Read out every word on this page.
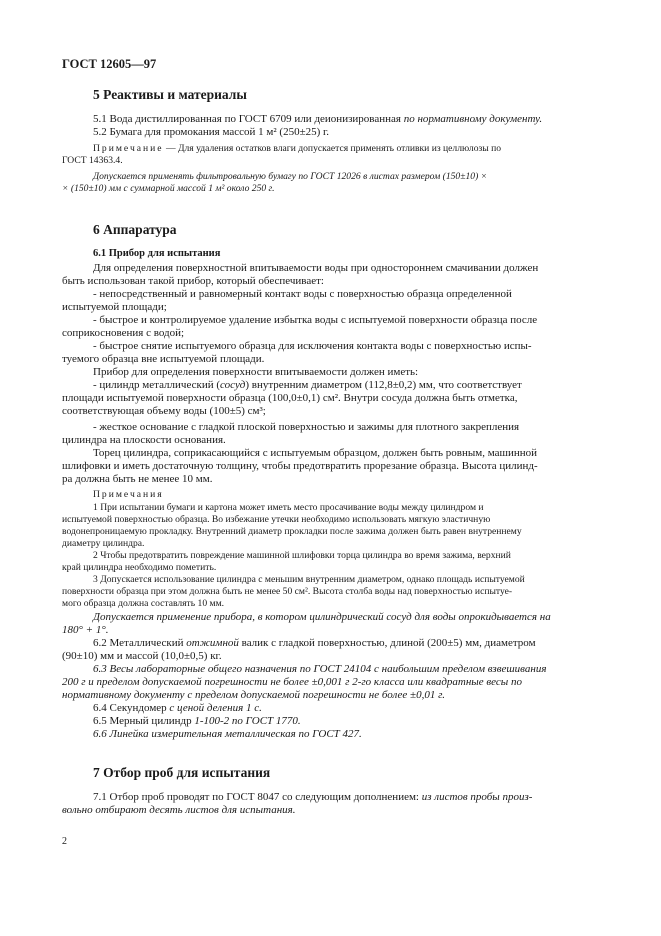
ГОСТ 12605—97
5 Реактивы и материалы
5.1 Вода дистиллированная по ГОСТ 6709 или деионизированная по нормативному документу.
5.2 Бумага для промокания массой 1 м² (250±25) г.
Примечание — Для удаления остатков влаги допускается применять отливки из целлюлозы по
ГОСТ 14363.4.
Допускается применять фильтровальную бумагу по ГОСТ 12026 в листах размером (150±10) ×
× (150±10) мм с суммарной массой 1 м² около 250 г.
6 Аппаратура
6.1 Прибор для испытания
Для определения поверхностной впитываемости воды при одностороннем смачивании должен
быть использован такой прибор, который обеспечивает:
- непосредственный и равномерный контакт воды с поверхностью образца определенной
испытуемой площади;
- быстрое и контролируемое удаление избытка воды с испытуемой поверхности образца после
соприкосновения с водой;
- быстрое снятие испытуемого образца для исключения контакта воды с поверхностью испы-
туемого образца вне испытуемой площади.
Прибор для определения поверхности впитываемости должен иметь:
- цилиндр металлический (сосуд) внутренним диаметром (112,8±0,2) мм, что соответствует
площади испытуемой поверхности образца (100,0±0,1) см². Внутри сосуда должна быть отметка,
соответствующая объему воды (100±5) см³;
- жесткое основание с гладкой плоской поверхностью и зажимы для плотного закрепления
цилиндра на плоскости основания.
Торец цилиндра, соприкасающийся с испытуемым образцом, должен быть ровным, машинной
шлифовки и иметь достаточную толщину, чтобы предотвратить прорезание образца. Высота цилинд-
ра должна быть не менее 10 мм.
Примечания
1 При испытании бумаги и картона может иметь место просачивание воды между цилиндром и
испытуемой поверхностью образца. Во избежание утечки необходимо использовать мягкую эластичную
водонепроницаемую прокладку. Внутренний диаметр прокладки после зажима должен быть равен внутреннему
диаметру цилиндра.
2 Чтобы предотвратить повреждение машинной шлифовки торца цилиндра во время зажима, верхний
край цилиндра необходимо пометить.
3 Допускается использование цилиндра с меньшим внутренним диаметром, однако площадь испытуемой
поверхности образца при этом должна быть не менее 50 см². Высота столба воды над поверхностью испытуе-
мого образца должна составлять 10 мм.
Допускается применение прибора, в котором цилиндрический сосуд для воды опрокидывается на
180° + 1°.
6.2 Металлический отжимной валик с гладкой поверхностью, длиной (200±5) мм, диаметром
(90±10) мм и массой (10,0±0,5) кг.
6.3 Весы лабораторные общего назначения по ГОСТ 24104 с наибольшим пределом взвешивания
200 г и пределом допускаемой погрешности не более ±0,001 г 2-го класса или квадратные весы по
нормативному документу с пределом допускаемой погрешности не более ±0,01 г.
6.4 Секундомер с ценой деления 1 с.
6.5 Мерный цилиндр 1-100-2 по ГОСТ 1770.
6.6 Линейка измерительная металлическая по ГОСТ 427.
7 Отбор проб для испытания
7.1 Отбор проб проводят по ГОСТ 8047 со следующим дополнением: из листов пробы произ-
вольно отбирают десять листов для испытания.
2
